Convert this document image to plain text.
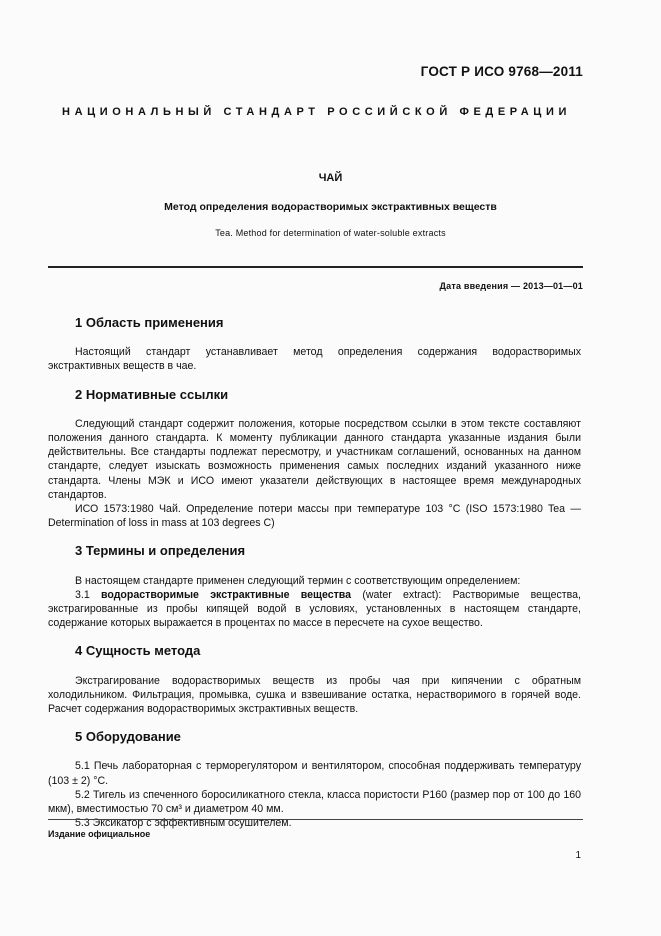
ГОСТ Р ИСО 9768—2011
НАЦИОНАЛЬНЫЙ СТАНДАРТ РОССИЙСКОЙ ФЕДЕРАЦИИ
ЧАЙ
Метод определения водорастворимых экстрактивных веществ
Tea. Method for determination of water-soluble extracts
Дата введения — 2013—01—01
1 Область применения

Настоящий стандарт устанавливает метод определения содержания водорастворимых экстрактивных веществ в чае.

2 Нормативные ссылки

Следующий стандарт содержит положения, которые посредством ссылки в этом тексте составляют положения данного стандарта. К моменту публикации данного стандарта указанные издания были действительны. Все стандарты подлежат пересмотру, и участникам соглашений, основанных на данном стандарте, следует изыскать возможность применения самых последних изданий указанного ниже стандарта. Члены МЭК и ИСО имеют указатели действующих в настоящее время международных стандартов.

ИСО 1573:1980 Чай. Определение потери массы при температуре 103 °С (ISO 1573:1980 Tea — Determination of loss in mass at 103 degrees С)

3 Термины и определения

В настоящем стандарте применен следующий термин с соответствующим определением:

3.1 водорастворимые экстрактивные вещества (water extract): Растворимые вещества, экстрагированные из пробы кипящей водой в условиях, установленных в настоящем стандарте, содержание которых выражается в процентах по массе в пересчете на сухое вещество.

4 Сущность метода

Экстрагирование водорастворимых веществ из пробы чая при кипячении с обратным холодильником. Фильтрация, промывка, сушка и взвешивание остатка, нерастворимого в горячей воде. Расчет содержания водорастворимых экстрактивных веществ.

5 Оборудование

5.1 Печь лабораторная с терморегулятором и вентилятором, способная поддерживать температуру (103 ± 2) °С.

5.2 Тигель из спеченного боросиликатного стекла, класса пористости Р160 (размер пор от 100 до 160 мкм), вместимостью 70 см³ и диаметром 40 мм.

5.3 Эксикатор с эффективным осушителем.

Издание официальное
1
